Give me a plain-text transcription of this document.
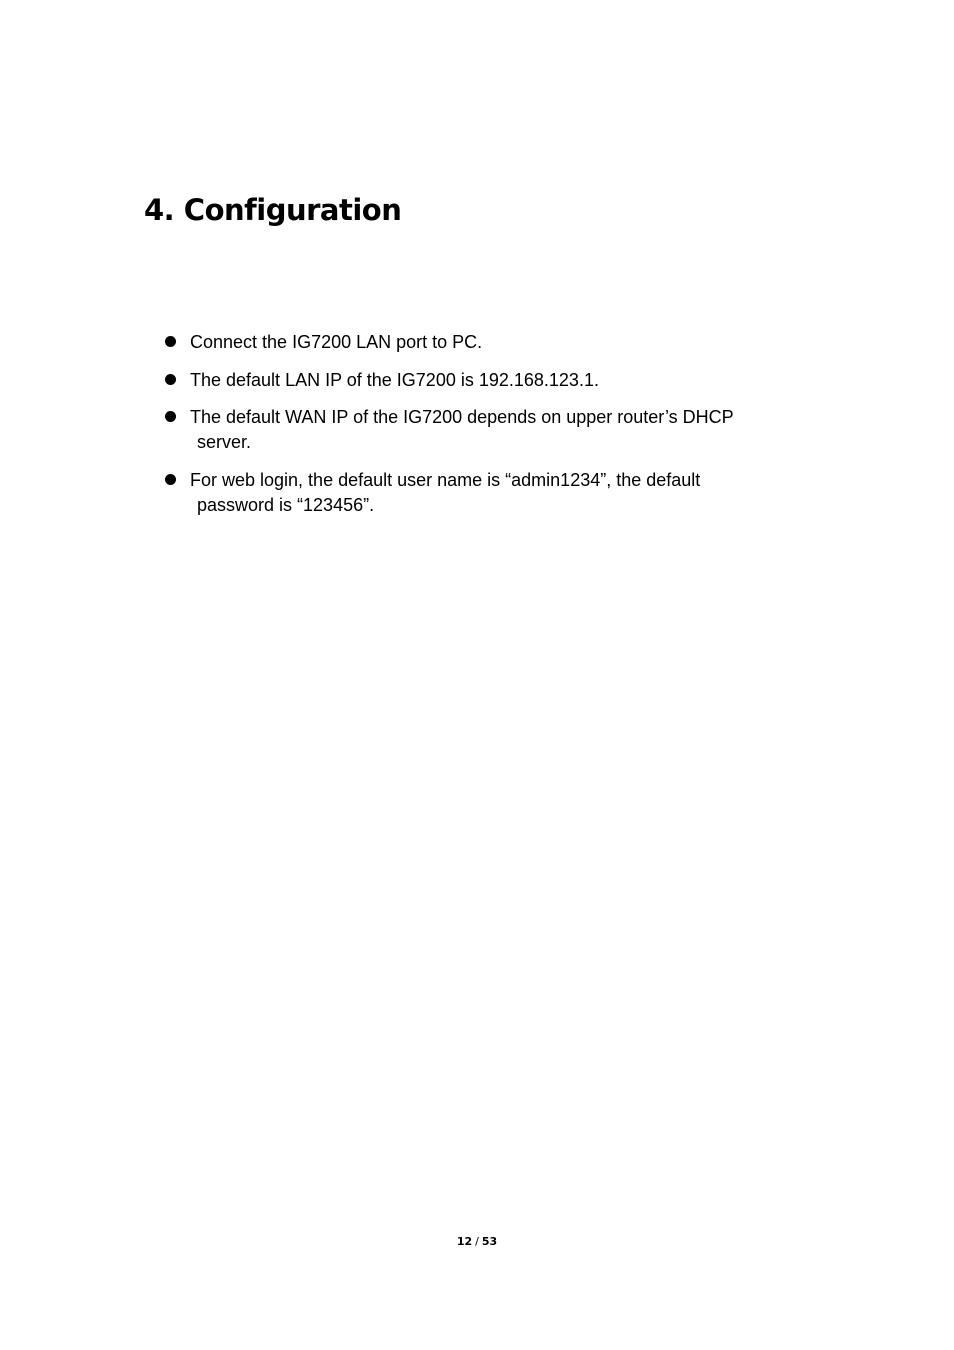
4. Configuration
Connect the IG7200 LAN port to PC.
The default LAN IP of the IG7200 is 192.168.123.1.
The default WAN IP of the IG7200 depends on upper router’s DHCP
server.
For web login, the default user name is “admin1234”, the default
password is “123456”.
12 / 53
